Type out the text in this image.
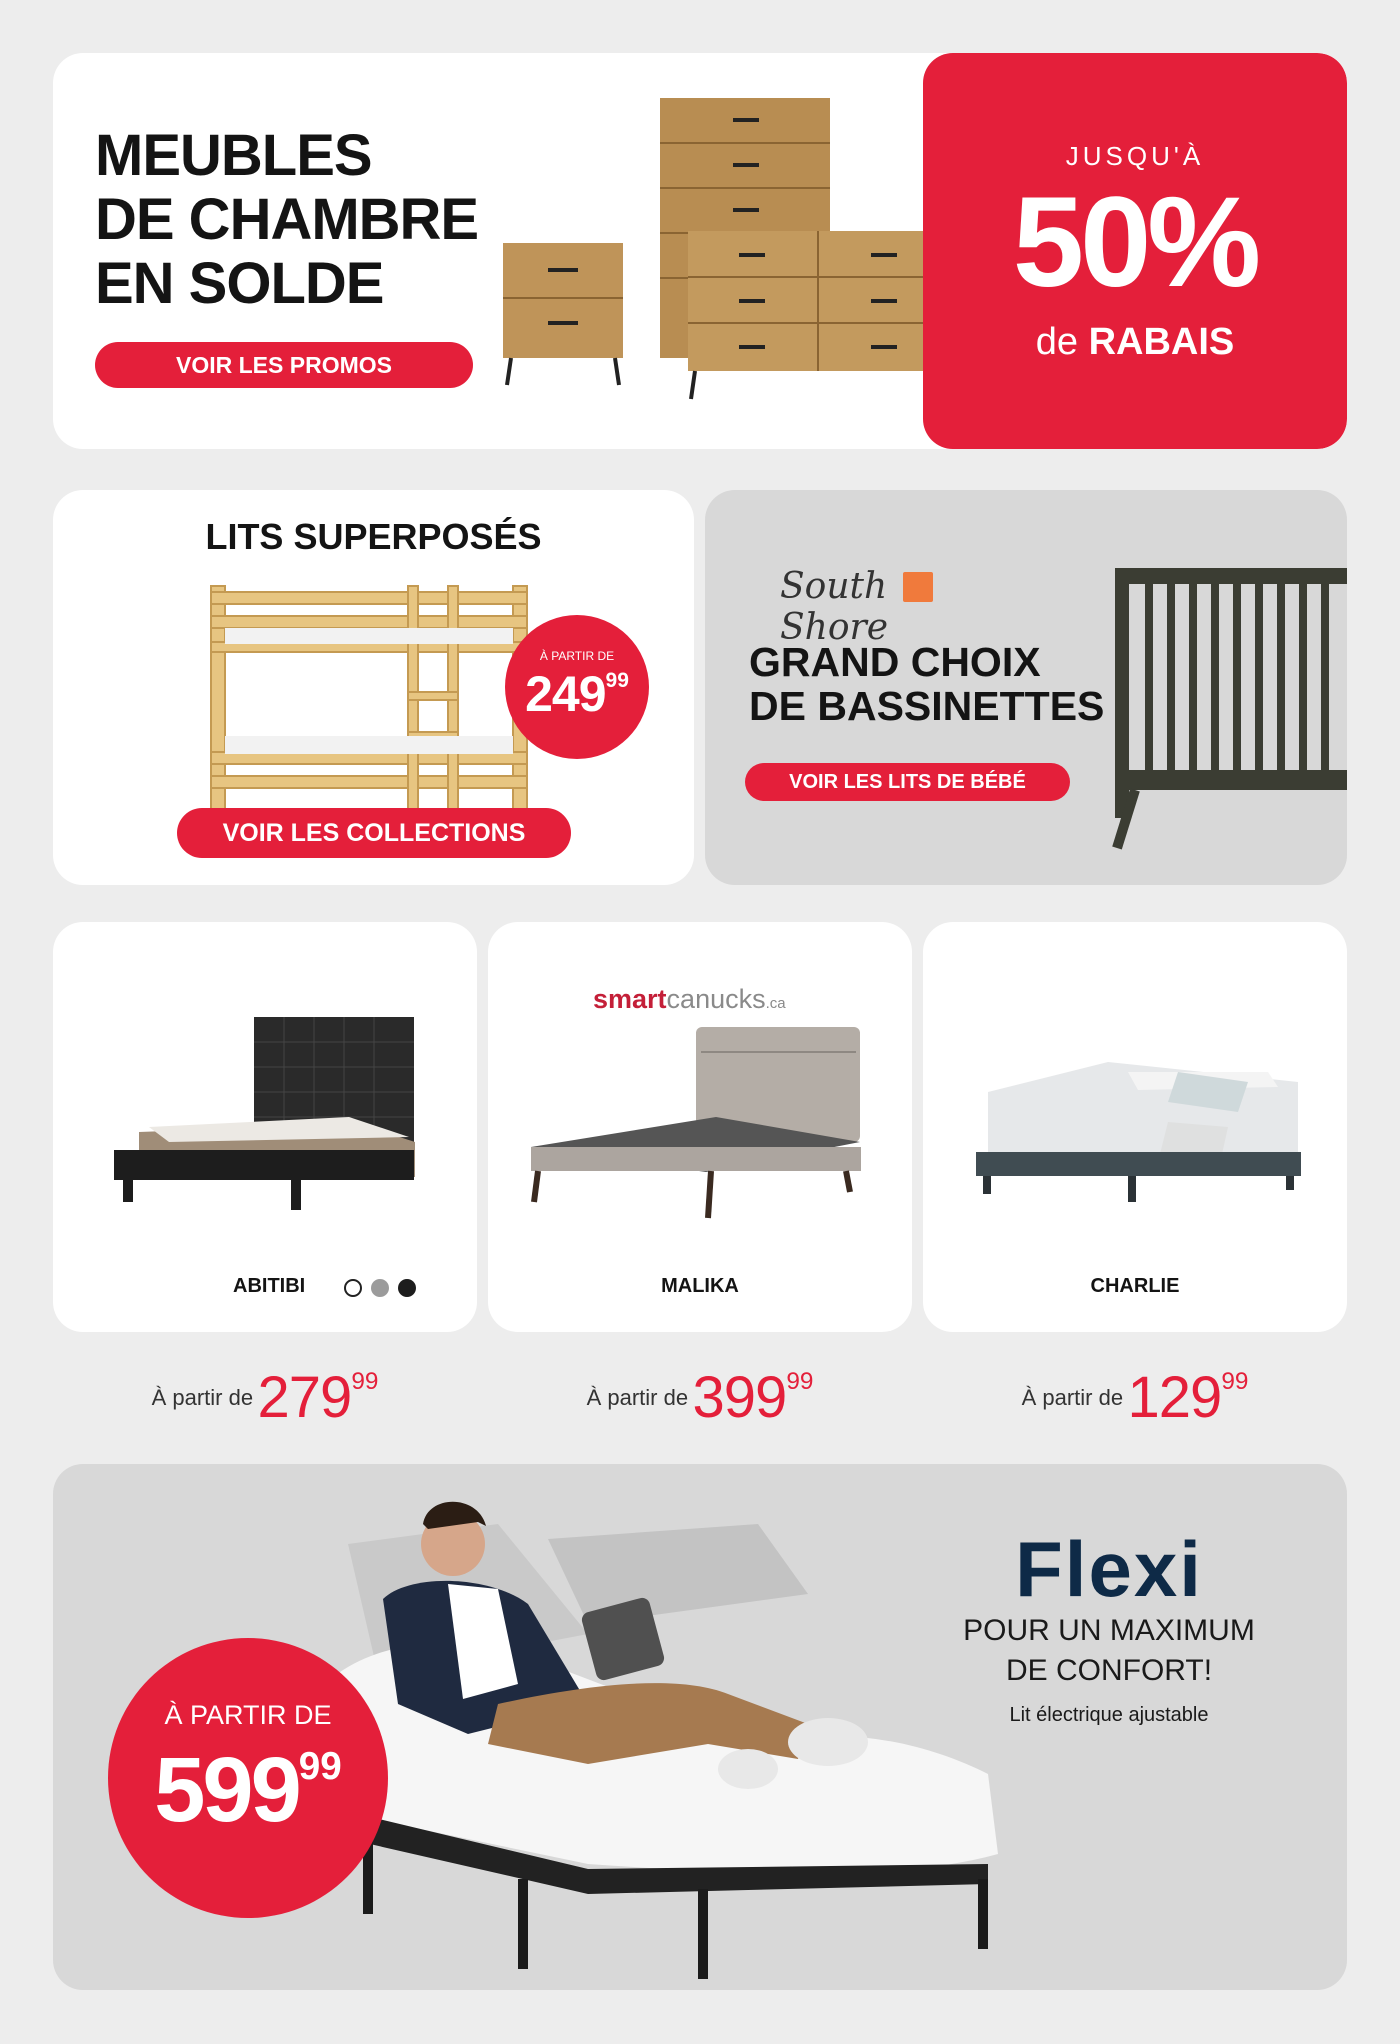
MEUBLES
DE CHAMBRE
EN SOLDE
VOIR LES PROMOS
JUSQU'À
50%
de RABAIS
LITS SUPERPOSÉS
À PARTIR DE
$249^{99}$
VOIR LES COLLECTIONS
South  Shore
GRAND CHOIX
DE BASSINETTES
VOIR LES LITS DE BÉBÉ
ABITIBI
smartcanucks.ca
MALIKA	CHARLIE
À partir de $279^{99}$
À partir de $399^{99}$
À partir de $129^{99}$
Flexi
POUR UN MAXIMUM
DE CONFORT!
Lit électrique ajustable
À PARTIR DE
$599^{99}$
